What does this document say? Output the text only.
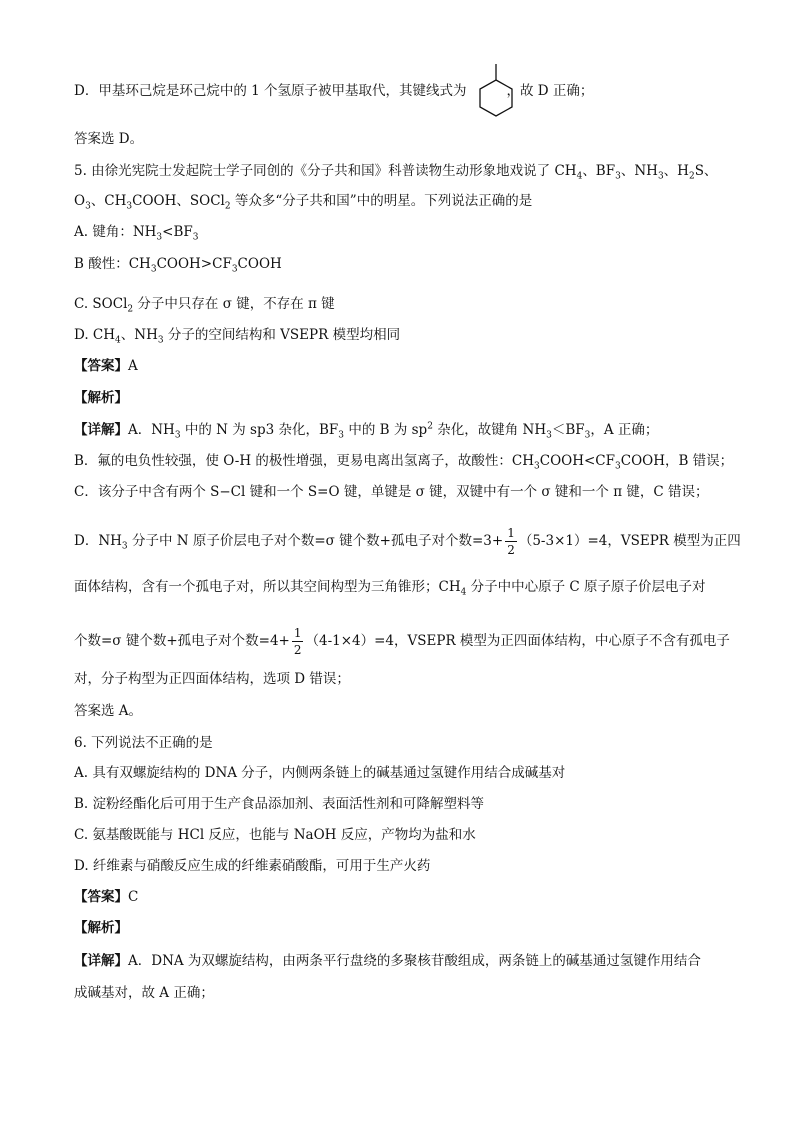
D．甲基环己烷是环己烷中的 1 个氢原子被甲基取代，其键线式为	，故 D 正确；
答案选 D。
5. 由徐光宪院士发起院士学子同创的《分子共和国》科普读物生动形象地戏说了 $CH_4$、$BF_3$、$NH_3$、$H_2S$、
$O_3$、$CH_3COOH$、SOCl$_2$ 等众多“分子共和国”中的明星。下列说法正确的是
A. 键角：$NH_3<BF_3$
B 酸性：$CH_3COOH>CF_3COOH$
C. SOCl$_2$ 分子中只存在 σ 键，不存在 π 键
D. $CH_4$、$NH_3$ 分子的空间结构和 VSEPR 模型均相同
【答案】A
【解析】
【详解】A．$NH_3$ 中的 N 为 sp3 杂化，$BF_3$ 中的 B 为 $sp^2$ 杂化，故键角 $NH_3<BF_3$，A 正确；
B．氟的电负性较强，使 O-H 的极性增强，更易电离出氢离子，故酸性：$CH_3COOH<CF_3COOH$，B 错误；
C．该分子中含有两个 S−Cl 键和一个 S=O 键，单键是 σ 键，双键中有一个 σ 键和一个 π 键，C 错误；
D．$NH_3$ 分子中 N 原子价层电子对个数=σ 键个数+孤电子对个数$=3+ \frac{1}{2} (5-3\times 1)=4$，VSEPR 模型为正四
面体结构，含有一个孤电子对，所以其空间构型为三角锥形；$CH_4$ 分子中中心原子 C 原子原子价层电子对
个数=σ 键个数+孤电子对个数$=4+ \frac{1}{2} (4-1\times 4)=4$，VSEPR 模型为正四面体结构，中心原子不含有孤电子
对，分子构型为正四面体结构，选项 D 错误；
答案选 A。
6. 下列说法不正确的是
A. 具有双螺旋结构的 DNA 分子，内侧两条链上的碱基通过氢键作用结合成碱基对
B. 淀粉经酯化后可用于生产食品添加剂、表面活性剂和可降解塑料等
C. 氨基酸既能与 HCl 反应，也能与 NaOH 反应，产物均为盐和水
D. 纤维素与硝酸反应生成的纤维素硝酸酯，可用于生产火药
【答案】C
【解析】
【详解】A．DNA 为双螺旋结构，由两条平行盘绕的多聚核苷酸组成，两条链上的碱基通过氢键作用结合
成碱基对，故 A 正确；
